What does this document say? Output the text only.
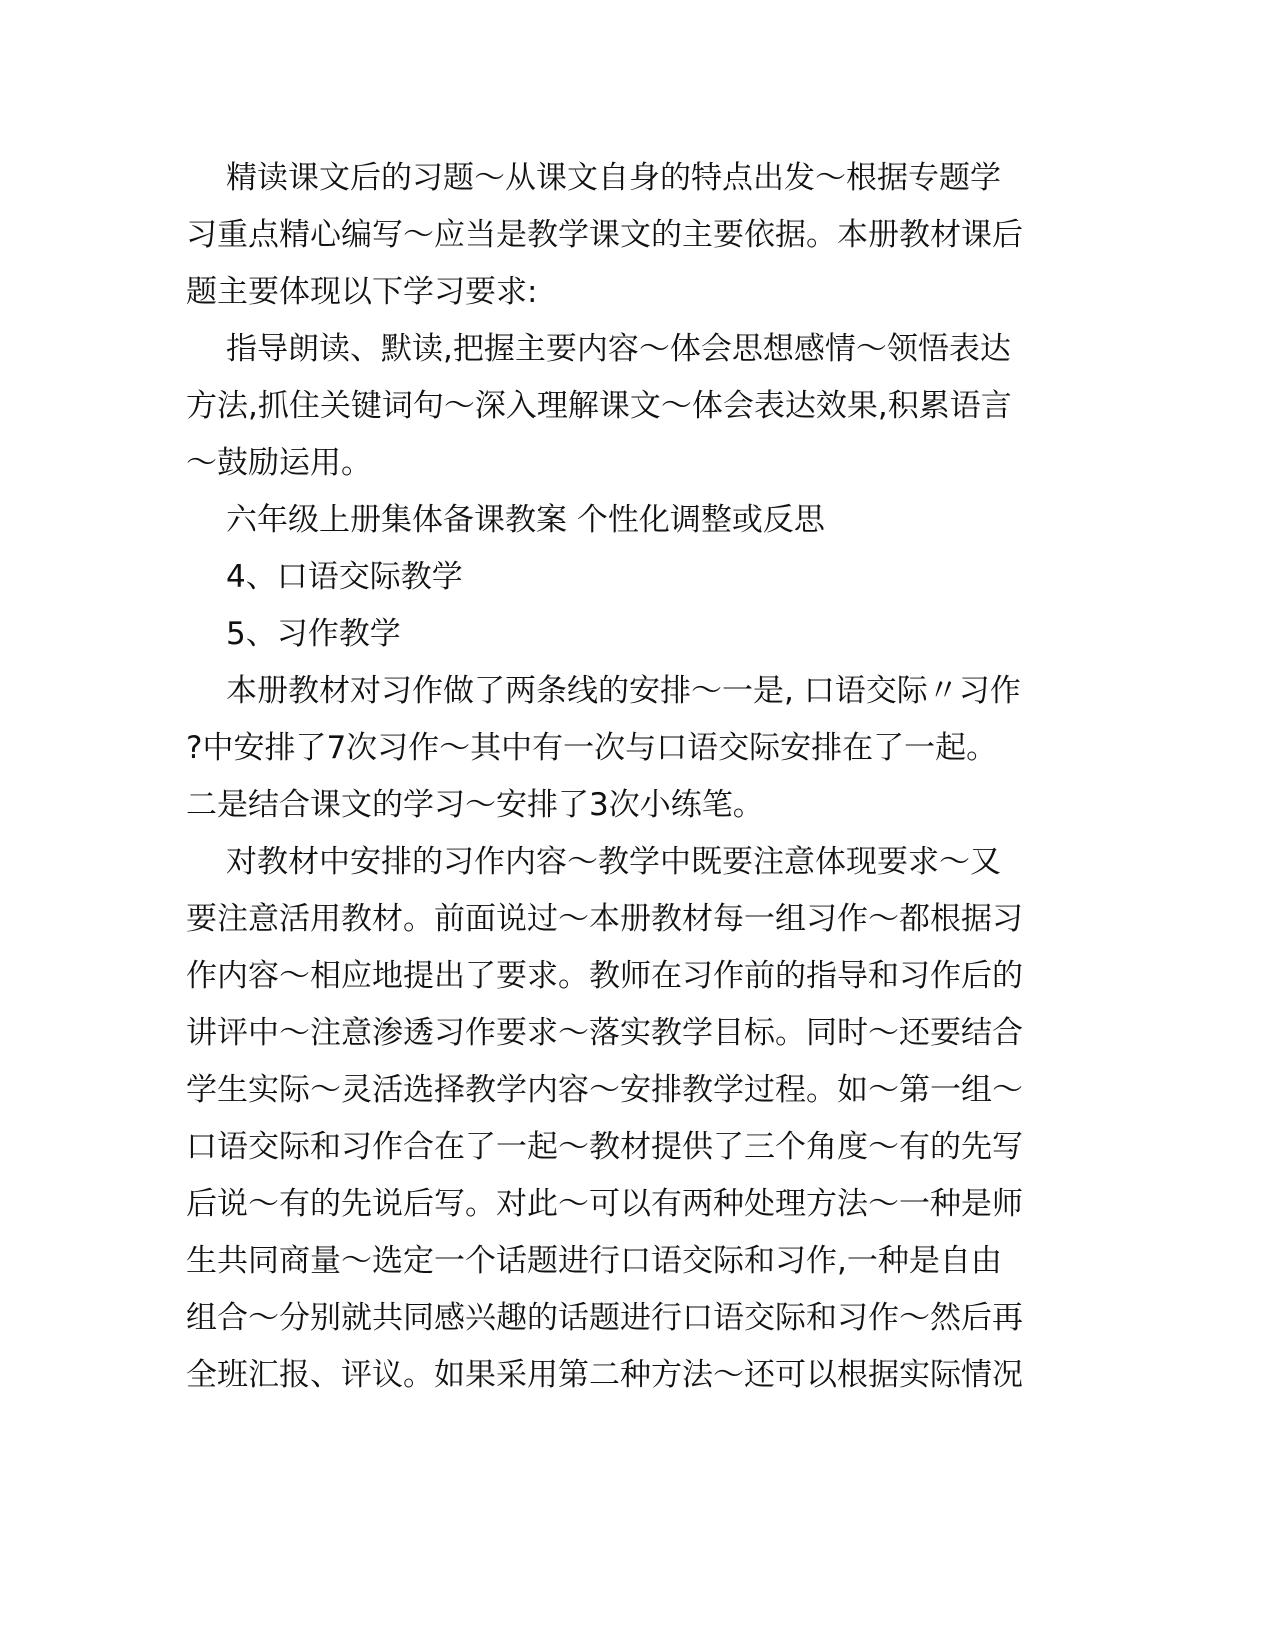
精读课文后的习题～从课文自身的特点出发～根据专题学
习重点精心编写～应当是教学课文的主要依据。本册教材课后
题主要体现以下学习要求:
指导朗读、默读,把握主要内容～体会思想感情～领悟表达
方法,抓住关键词句～深入理解课文～体会表达效果,积累语言
～鼓励运用。
六年级上册集体备课教案 个性化调整或反思
4、口语交际教学
5、习作教学
本册教材对习作做了两条线的安排～一是, 口语交际〃习作
?中安排了7次习作～其中有一次与口语交际安排在了一起。
二是结合课文的学习～安排了3次小练笔。
对教材中安排的习作内容～教学中既要注意体现要求～又
要注意活用教材。前面说过～本册教材每一组习作～都根据习
作内容～相应地提出了要求。教师在习作前的指导和习作后的
讲评中～注意渗透习作要求～落实教学目标。同时～还要结合
学生实际～灵活选择教学内容～安排教学过程。如～第一组～
口语交际和习作合在了一起～教材提供了三个角度～有的先写
后说～有的先说后写。对此～可以有两种处理方法～一种是师
生共同商量～选定一个话题进行口语交际和习作,一种是自由
组合～分别就共同感兴趣的话题进行口语交际和习作～然后再
全班汇报、评议。如果采用第二种方法～还可以根据实际情况
